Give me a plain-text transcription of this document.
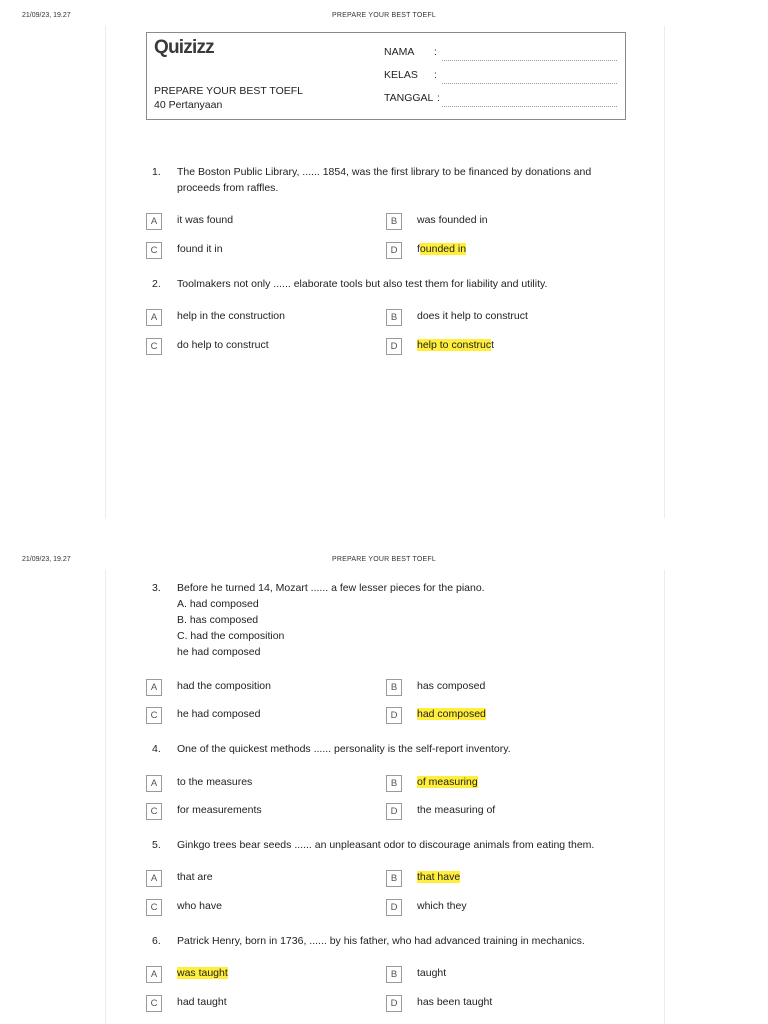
21/09/23, 19.27	PREPARE YOUR BEST TOEFL
Quizizz
PREPARE YOUR BEST TOEFL
40 Pertanyaan
NAMA :
KELAS :
TANGGAL :
1. The Boston Public Library, ...... 1854, was the first library to be financed by donations and proceeds from raffles.
A	it was found	B	was founded in
C	found it in	D	founded in
2. Toolmakers not only ...... elaborate tools but also test them for liability and utility.
A	help in the construction	B	does it help to construct
C	do help to construct	D	help to construct
21/09/23, 19.27	PREPARE YOUR BEST TOEFL
3. Before he turned 14, Mozart ...... a few lesser pieces for the piano.
A. had composed
B. has composed
C. had the composition
he had composed
A	had the composition	B	has composed
C	he had composed	D	had composed
4. One of the quickest methods ...... personality is the self-report inventory.
A	to the measures	B	of measuring
C	for measurements	D	the measuring of
5. Ginkgo trees bear seeds ...... an unpleasant odor to discourage animals from eating them.
A	that are	B	that have
C	who have	D	which they
6. Patrick Henry, born in 1736, ...... by his father, who had advanced training in mechanics.
A	was taught	B	taught
C	had taught	D	has been taught
